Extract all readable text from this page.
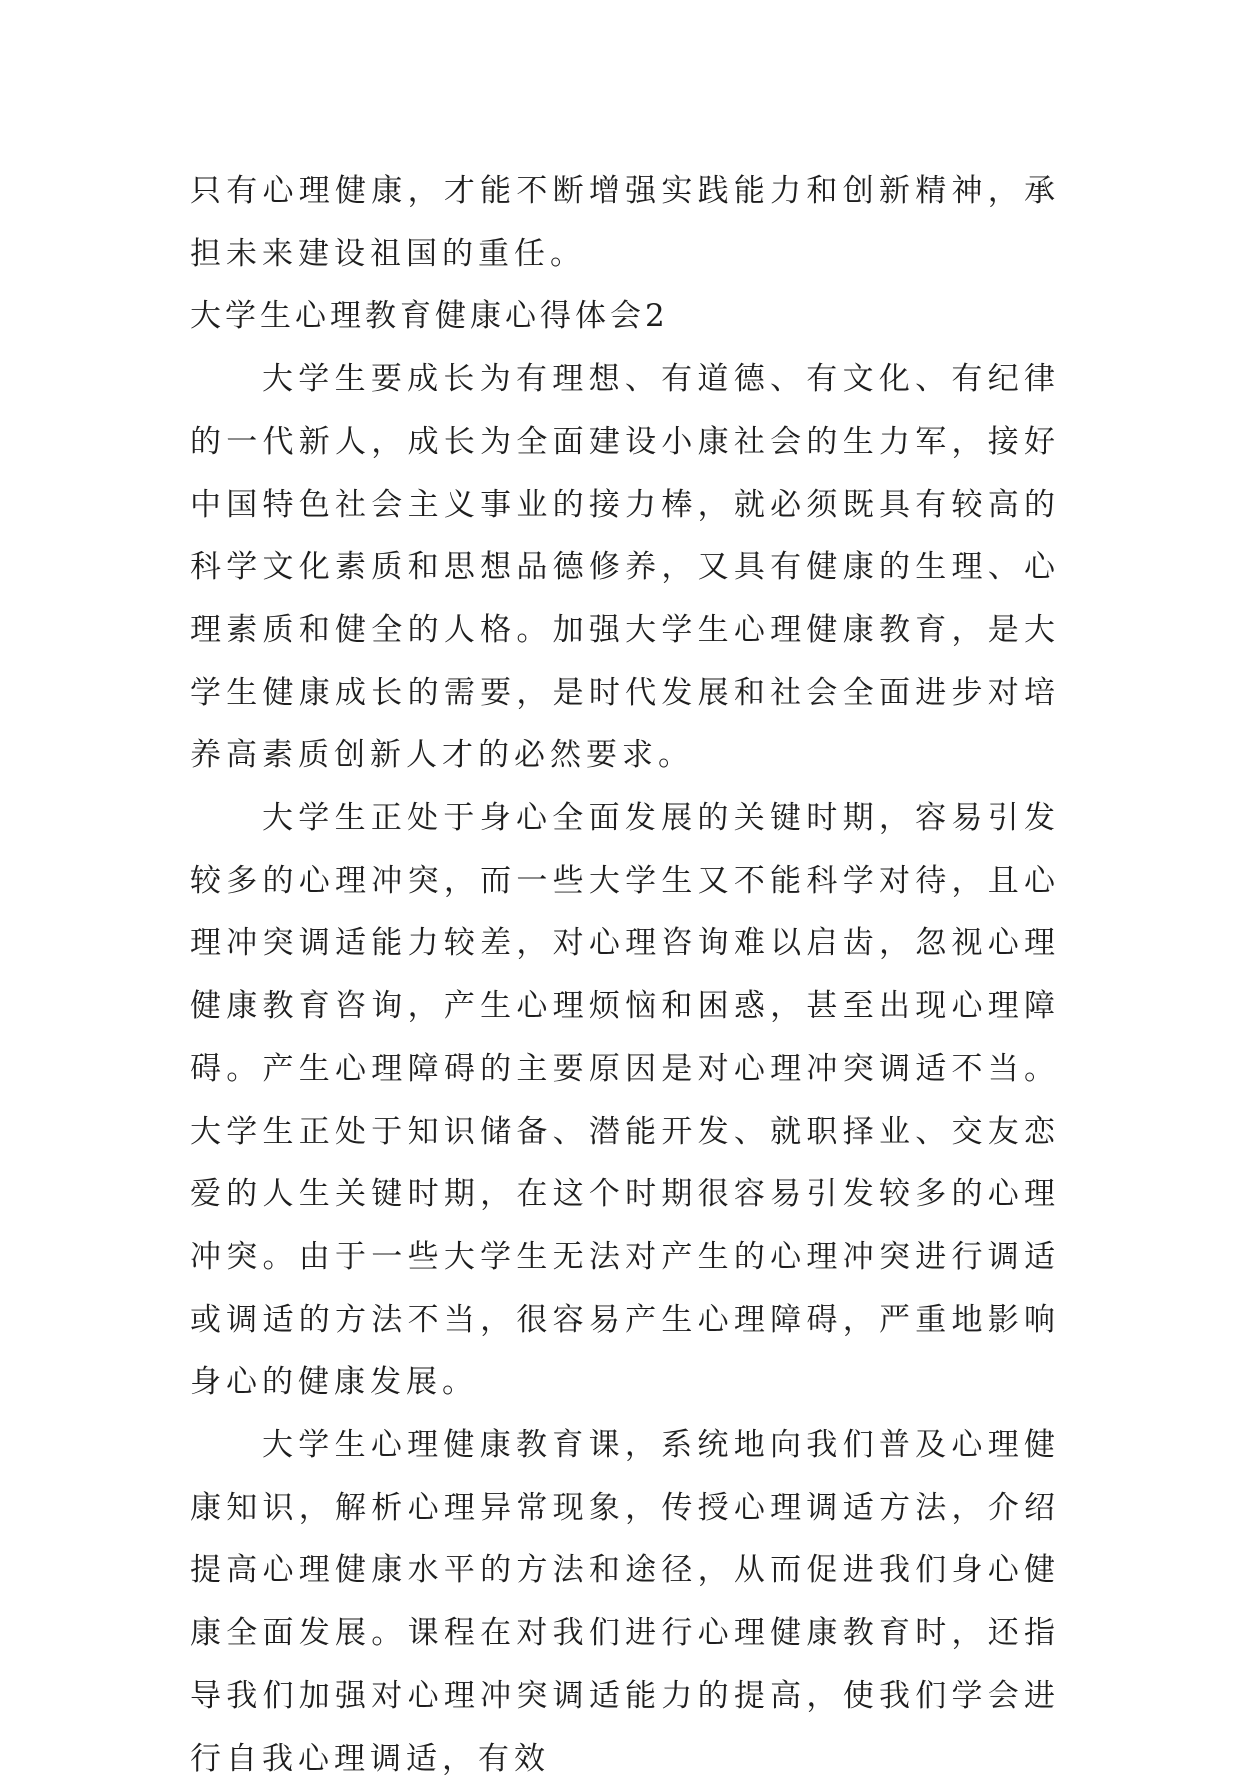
只有心理健康，才能不断增强实践能力和创新精神，承担未来建设祖国的重任。

大学生心理教育健康心得体会2

大学生要成长为有理想、有道德、有文化、有纪律的一代新人，成长为全面建设小康社会的生力军，接好中国特色社会主义事业的接力棒，就必须既具有较高的科学文化素质和思想品德修养，又具有健康的生理、心理素质和健全的人格。加强大学生心理健康教育，是大学生健康成长的需要，是时代发展和社会全面进步对培养高素质创新人才的必然要求。

大学生正处于身心全面发展的关键时期，容易引发较多的心理冲突，而一些大学生又不能科学对待，且心理冲突调适能力较差，对心理咨询难以启齿，忽视心理健康教育咨询，产生心理烦恼和困惑，甚至出现心理障碍。产生心理障碍的主要原因是对心理冲突调适不当。大学生正处于知识储备、潜能开发、就职择业、交友恋爱的人生关键时期，在这个时期很容易引发较多的心理冲突。由于一些大学生无法对产生的心理冲突进行调适或调适的方法不当，很容易产生心理障碍，严重地影响身心的健康发展。

大学生心理健康教育课，系统地向我们普及心理健康知识，解析心理异常现象，传授心理调适方法，介绍提高心理健康水平的方法和途径，从而促进我们身心健康全面发展。课程在对我们进行心理健康教育时，还指导我们加强对心理冲突调适能力的提高，使我们学会进行自我心理调适，有效
